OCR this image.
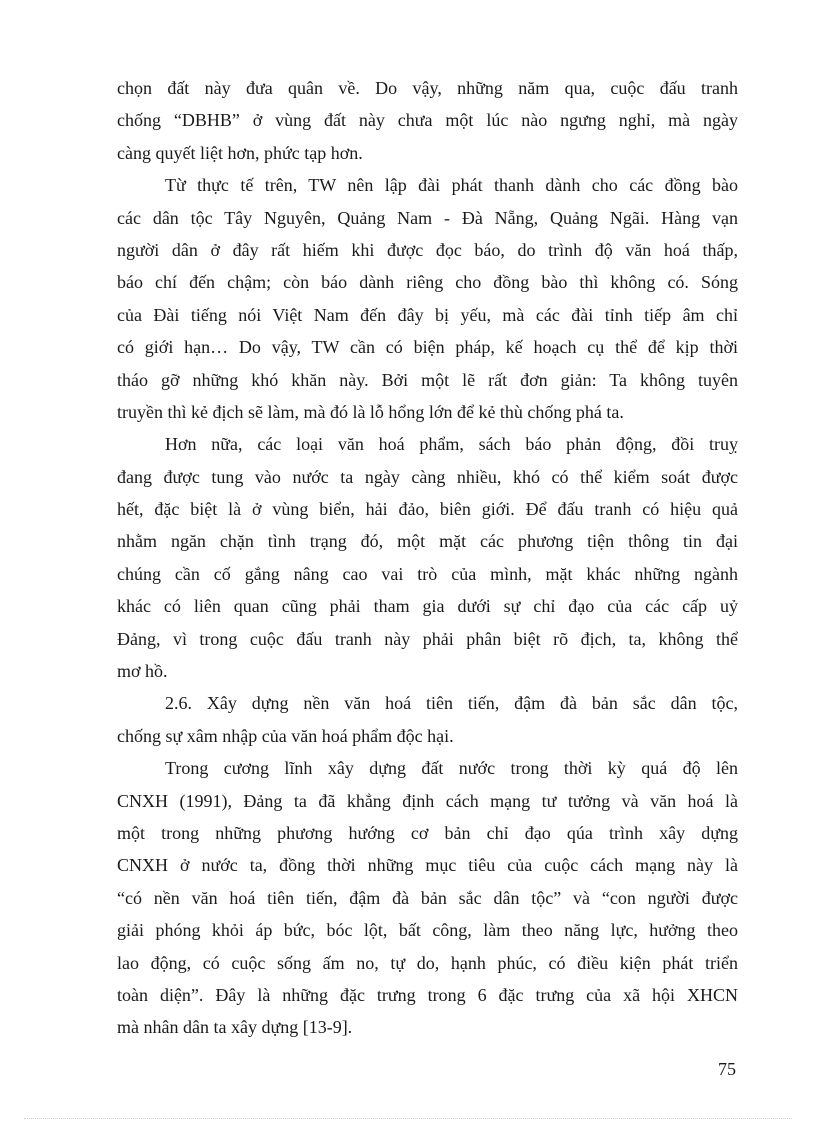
chọn đất này đưa quân về. Do vậy, những năm qua, cuộc đấu tranh
chống “DBHB” ở vùng đất này chưa một lúc nào ngưng nghỉ, mà ngày
càng quyết liệt hơn, phức tạp hơn.
Từ thực tế trên, TW nên lập đài phát thanh dành cho các đồng bào
các dân tộc Tây Nguyên, Quảng Nam - Đà Nẵng, Quảng Ngãi. Hàng vạn
người dân ở đây rất hiếm khi được đọc báo, do trình độ văn hoá thấp,
báo chí đến chậm; còn báo dành riêng cho đồng bào thì không có. Sóng
của Đài tiếng nói Việt Nam đến đây bị yếu, mà các đài tỉnh tiếp âm chỉ
có giới hạn… Do vậy, TW cần có biện pháp, kế hoạch cụ thể để kịp thời
tháo gỡ những khó khăn này. Bởi một lẽ rất đơn giản: Ta không tuyên
truyền thì kẻ địch sẽ làm, mà đó là lỗ hổng lớn để kẻ thù chống phá ta.
Hơn nữa, các loại văn hoá phẩm, sách báo phản động, đồi truỵ
đang được tung vào nước ta ngày càng nhiều, khó có thể kiểm soát được
hết, đặc biệt là ở vùng biển, hải đảo, biên giới. Để đấu tranh có hiệu quả
nhằm ngăn chặn tình trạng đó, một mặt các phương tiện thông tin đại
chúng cần cố gắng nâng cao vai trò của mình, mặt khác những ngành
khác có liên quan cũng phải tham gia dưới sự chỉ đạo của các cấp uỷ
Đảng, vì trong cuộc đấu tranh này phải phân biệt rõ địch, ta, không thể
mơ hồ.
2.6. Xây dựng nền văn hoá tiên tiến, đậm đà bản sắc dân tộc,
chống sự xâm nhập của văn hoá phẩm độc hại.
Trong cương lĩnh xây dựng đất nước trong thời kỳ quá độ lên
CNXH (1991), Đảng ta đã khẳng định cách mạng tư tưởng và văn hoá là
một trong những phương hướng cơ bản chỉ đạo qúa trình xây dựng
CNXH ở nước ta, đồng thời những mục tiêu của cuộc cách mạng này là
“có nền văn hoá tiên tiến, đậm đà bản sắc dân tộc” và “con người được
giải phóng khỏi áp bức, bóc lột, bất công, làm theo năng lực, hưởng theo
lao động, có cuộc sống ấm no, tự do, hạnh phúc, có điều kiện phát triển
toàn diện”. Đây là những đặc trưng trong 6 đặc trưng của xã hội XHCN
mà nhân dân ta xây dựng [13-9].
75
